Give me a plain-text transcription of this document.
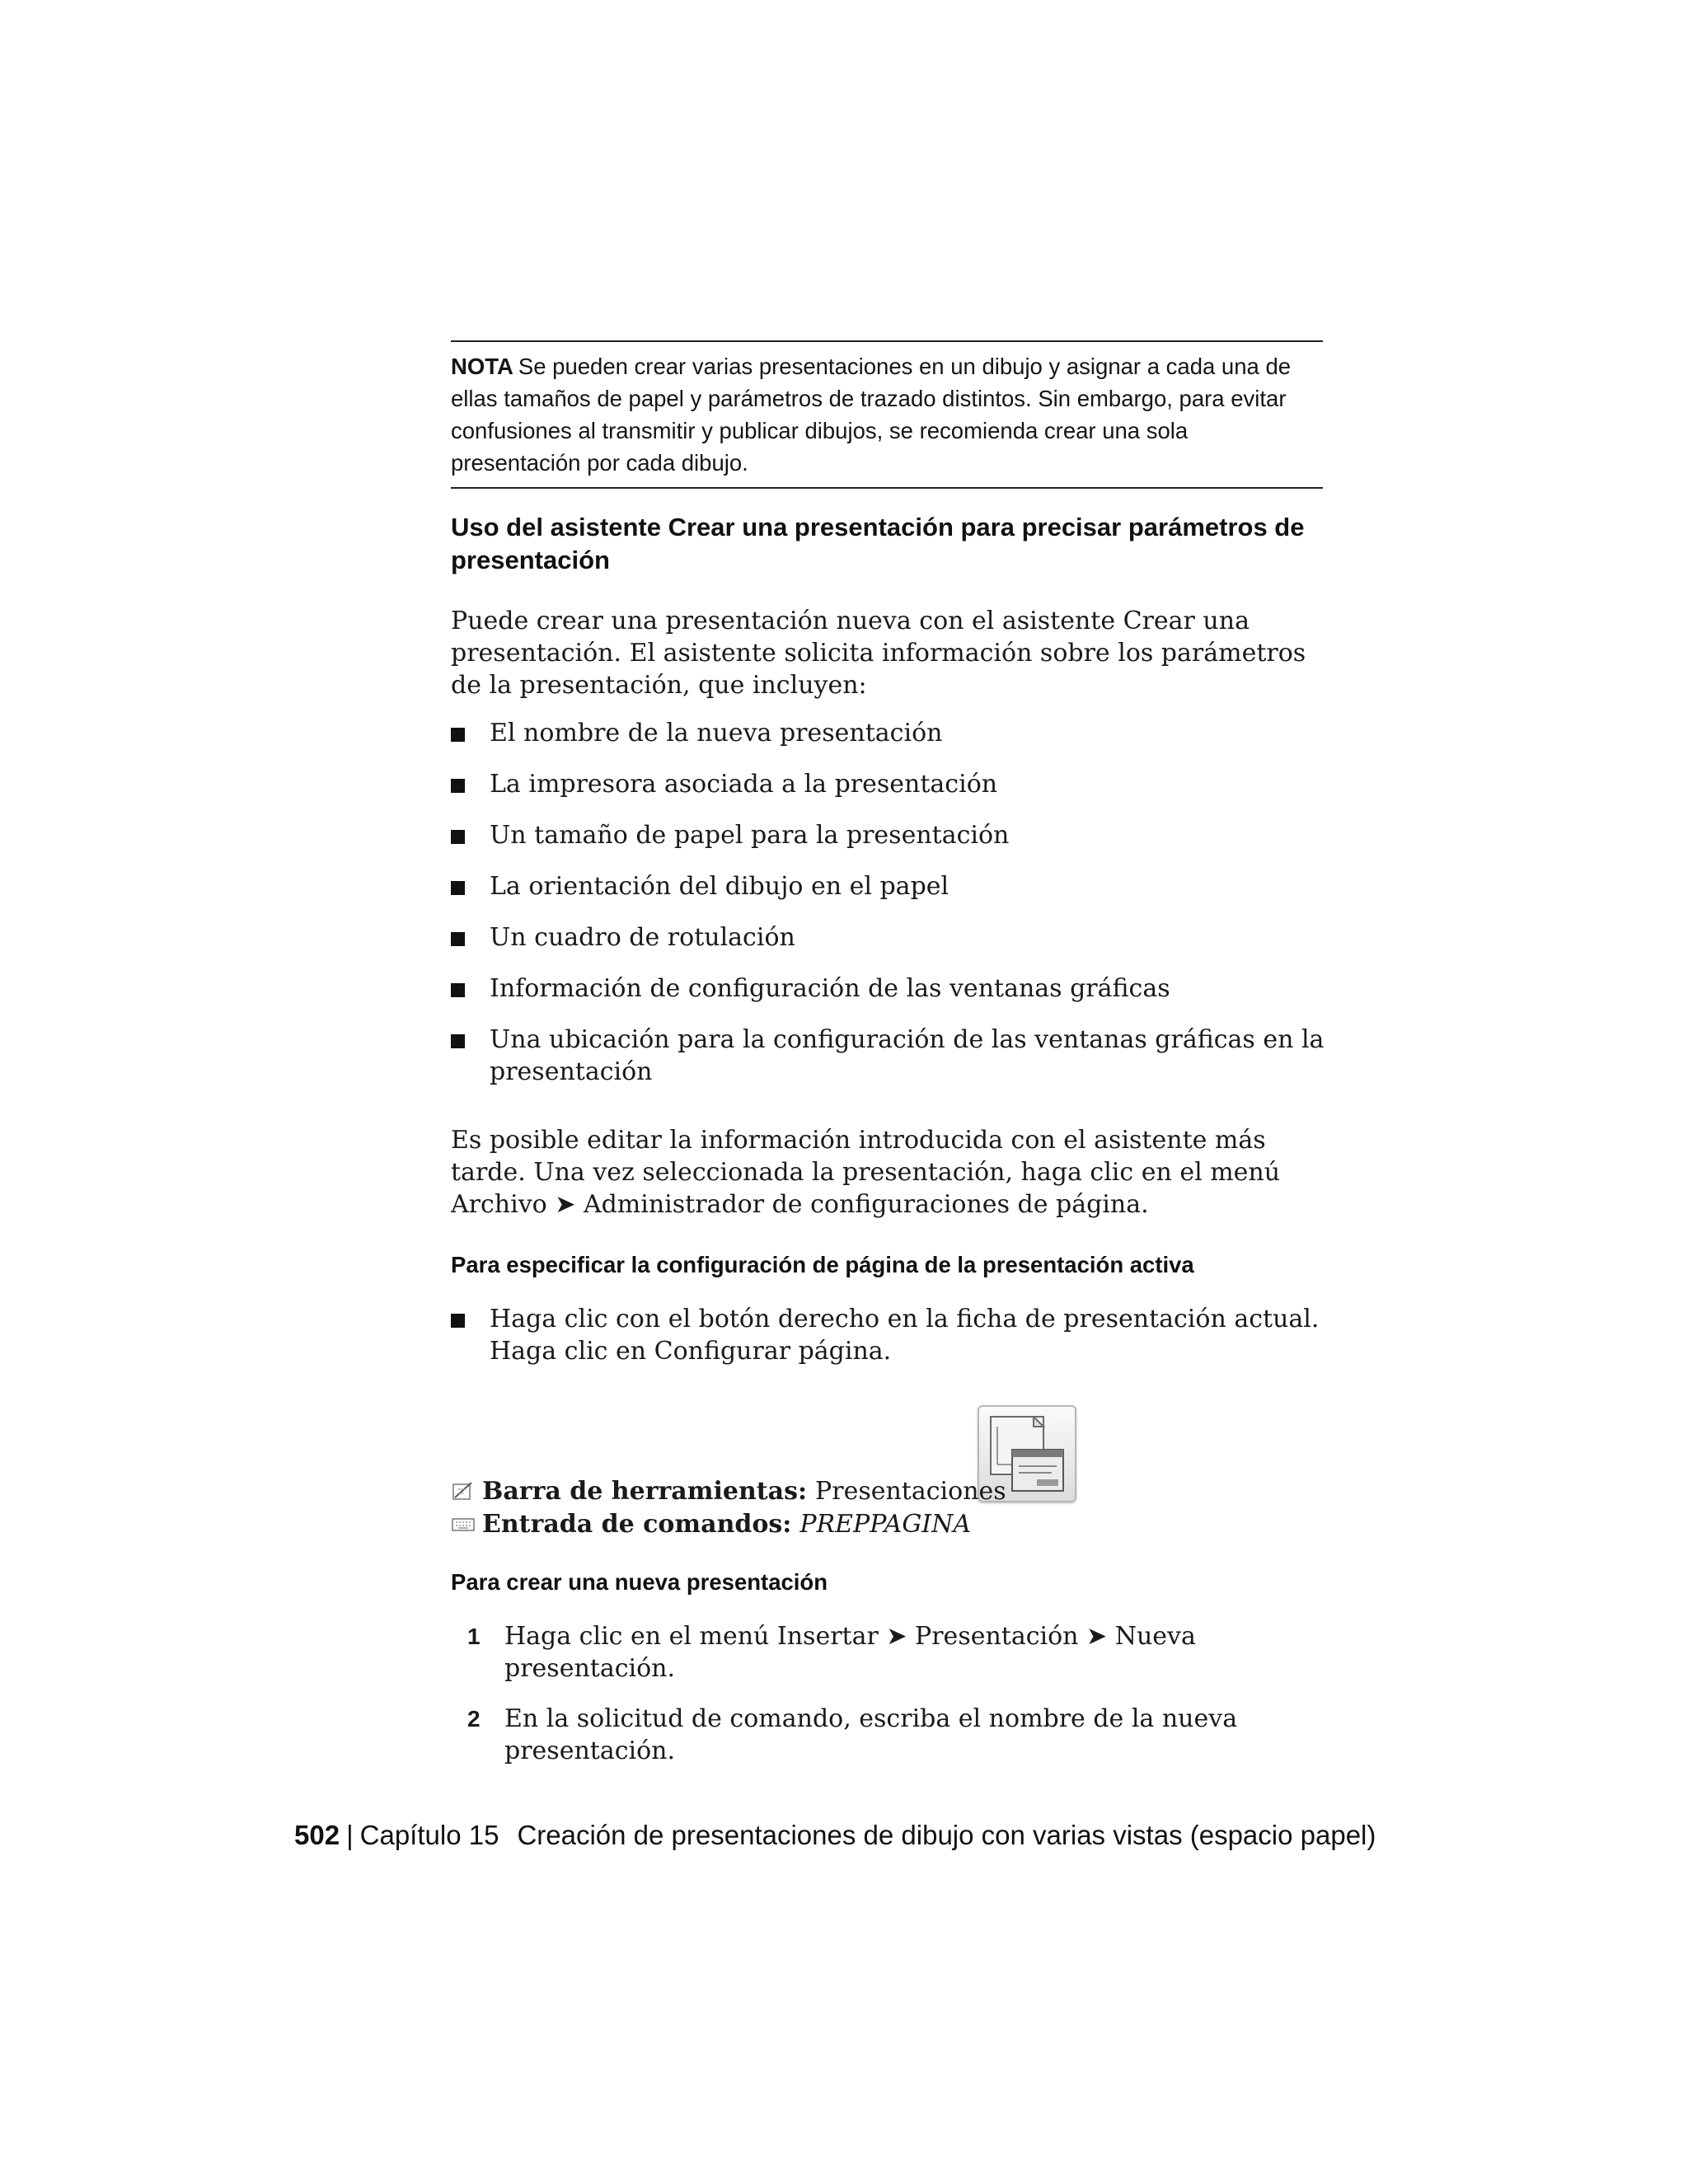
NOTA Se pueden crear varias presentaciones en un dibujo y asignar a cada una de ellas tamaños de papel y parámetros de trazado distintos. Sin embargo, para evitar confusiones al transmitir y publicar dibujos, se recomienda crear una sola presentación por cada dibujo.
Uso del asistente Crear una presentación para precisar parámetros de presentación
Puede crear una presentación nueva con el asistente Crear una presentación. El asistente solicita información sobre los parámetros de la presentación, que incluyen:
El nombre de la nueva presentación
La impresora asociada a la presentación
Un tamaño de papel para la presentación
La orientación del dibujo en el papel
Un cuadro de rotulación
Información de configuración de las ventanas gráficas
Una ubicación para la configuración de las ventanas gráficas en la presentación
Es posible editar la información introducida con el asistente más tarde. Una vez seleccionada la presentación, haga clic en el menú Archivo ➤ Administrador de configuraciones de página.
Para especificar la configuración de página de la presentación activa
Haga clic con el botón derecho en la ficha de presentación actual. Haga clic en Configurar página.
Barra de herramientas: Presentaciones
Entrada de comandos: PREPPAGINA
Para crear una nueva presentación
1 Haga clic en el menú Insertar ➤ Presentación ➤ Nueva presentación.
2 En la solicitud de comando, escriba el nombre de la nueva presentación.
502 | Capítulo 15 Creación de presentaciones de dibujo con varias vistas (espacio papel)
